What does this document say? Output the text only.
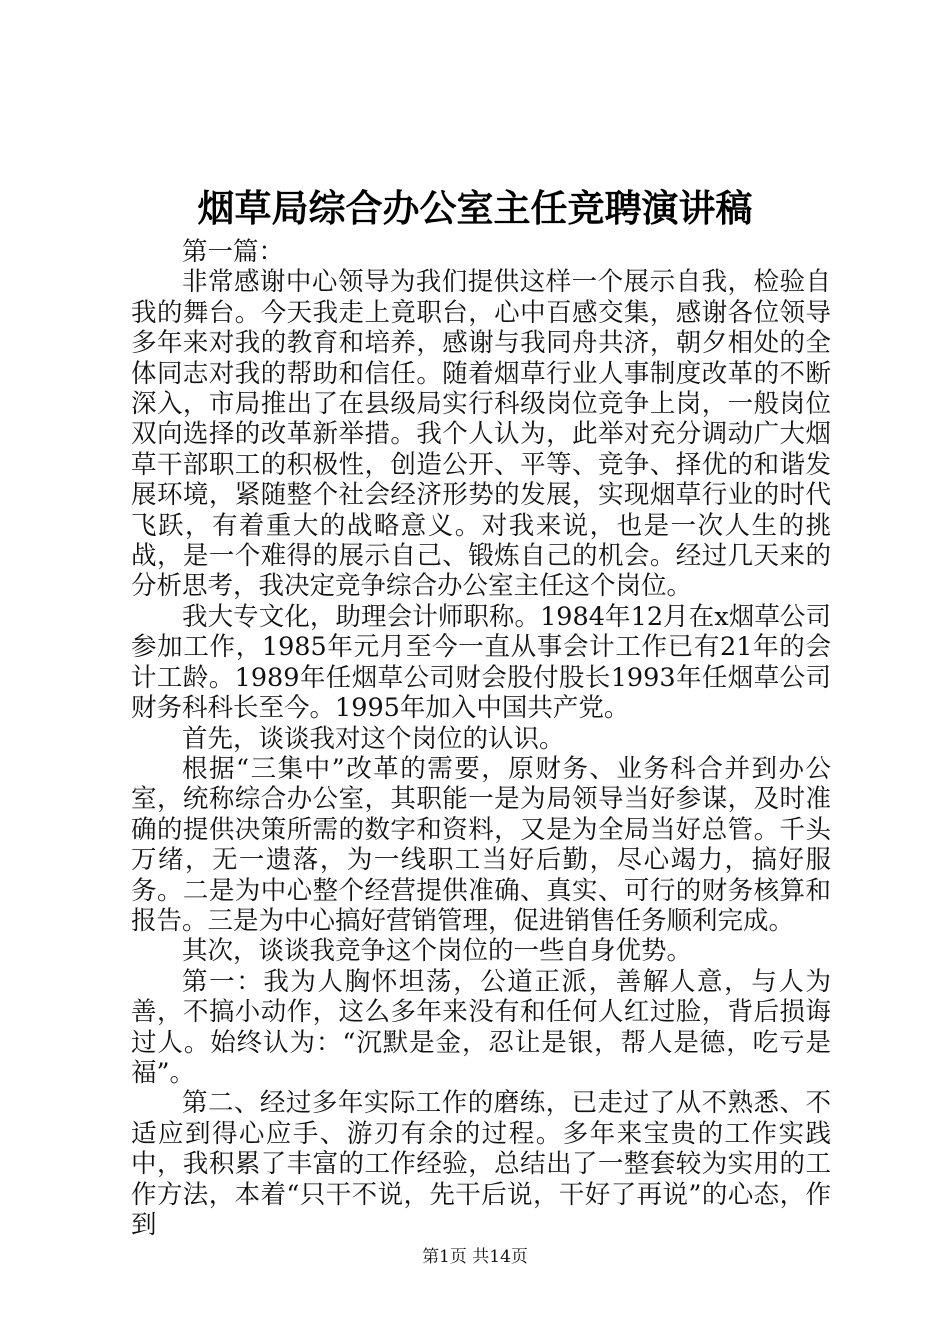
烟草局综合办公室主任竞聘演讲稿

第一篇：

非常感谢中心领导为我们提供这样一个展示自我，检验自我的舞台。今天我走上竟职台，心中百感交集，感谢各位领导多年来对我的教育和培养，感谢与我同舟共济，朝夕相处的全体同志对我的帮助和信任。随着烟草行业人事制度改革的不断深入，市局推出了在县级局实行科级岗位竞争上岗，一般岗位双向选择的改革新举措。我个人认为，此举对充分调动广大烟草干部职工的积极性，创造公开、平等、竞争、择优的和谐发展环境，紧随整个社会经济形势的发展，实现烟草行业的时代飞跃，有着重大的战略意义。对我来说，也是一次人生的挑战，是一个难得的展示自己、锻炼自己的机会。经过几天来的分析思考，我决定竞争综合办公室主任这个岗位。

我大专文化，助理会计师职称。1984年12月在x烟草公司参加工作，1985年元月至今一直从事会计工作已有21年的会计工龄。1989年任烟草公司财会股付股长1993年任烟草公司财务科科长至今。1995年加入中国共产党。

首先，谈谈我对这个岗位的认识。

根据“三集中”改革的需要，原财务、业务科合并到办公室，统称综合办公室，其职能一是为局领导当好参谋，及时准确的提供决策所需的数字和资料，又是为全局当好总管。千头万绪，无一遗落，为一线职工当好后勤，尽心竭力，搞好服务。二是为中心整个经营提供准确、真实、可行的财务核算和报告。三是为中心搞好营销管理，促进销售任务顺利完成。

其次，谈谈我竞争这个岗位的一些自身优势。

第一：我为人胸怀坦荡，公道正派，善解人意，与人为善，不搞小动作，这么多年来没有和任何人红过脸，背后损诲过人。始终认为：“沉默是金，忍让是银，帮人是德，吃亏是福”。

第二、经过多年实际工作的磨练，已走过了从不熟悉、不适应到得心应手、游刃有余的过程。多年来宝贵的工作实践中，我积累了丰富的工作经验，总结出了一整套较为实用的工作方法，本着“只干不说，先干后说，干好了再说”的心态，作到

第1页 共14页
